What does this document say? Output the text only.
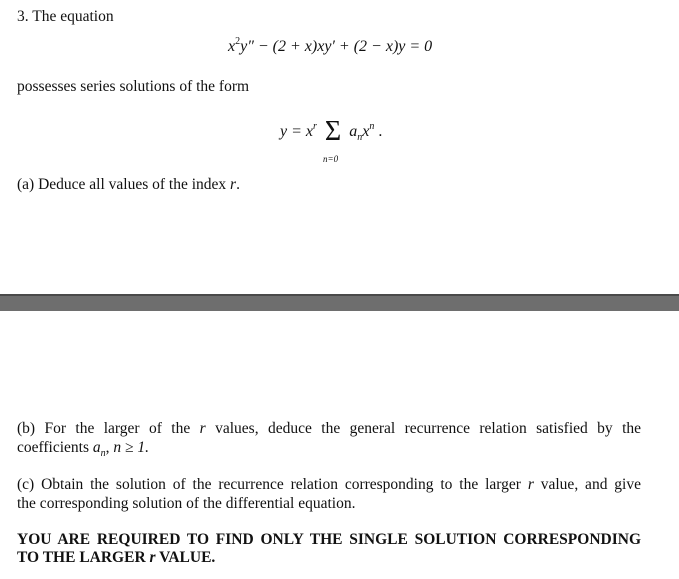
3. The equation
$x^2y'' - (2 + x)xy' + (2 - x)y = 0$
possesses series solutions of the form
$y = x^r$ Σ $a_nx^n$ .
n=0
(a) Deduce all values of the index r.
(b) For the larger of the r values, deduce the general recurrence relation satisfied by the
coefficients $a_n$, n ≥ 1.
(c) Obtain the solution of the recurrence relation corresponding to the larger r value, and give
the corresponding solution of the differential equation.
YOU ARE REQUIRED TO FIND ONLY THE SINGLE SOLUTION CORRESPONDING
TO THE LARGER r VALUE.
